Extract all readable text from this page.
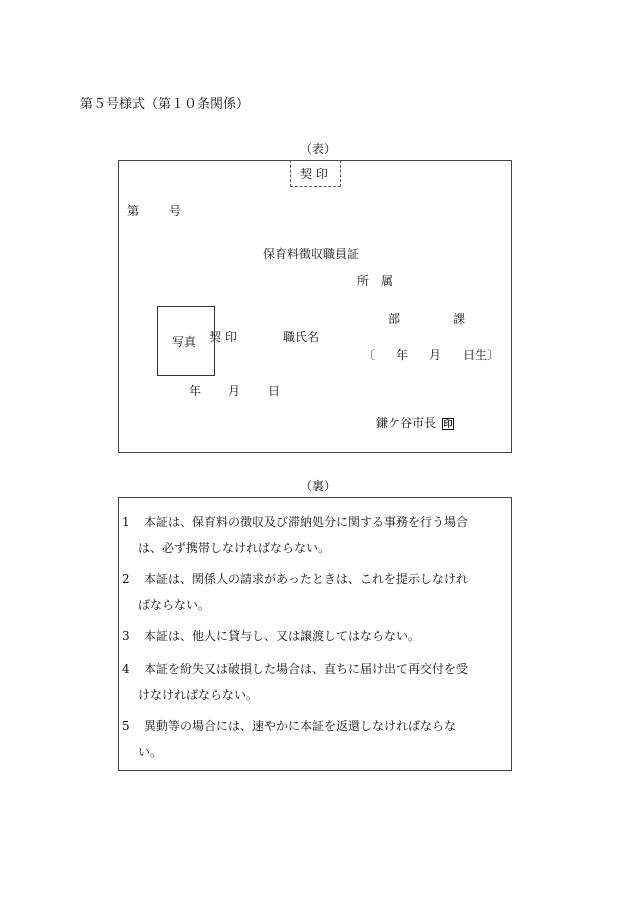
第５号様式（第１０条関係）
（表）
契 印
第 号
保育料徴収職員証
所　属
部	課
写真 契 印	職氏名
〔 年 月 日生〕
年 月 日
鎌ケ谷市長 印
（裏）
1 本証は、保育料の徴収及び滞納処分に関する事務を行う場合
は、必ず携帯しなければならない。
2 本証は、関係人の請求があったときは、これを提示しなけれ
ばならない。
3 本証は、他人に貸与し、又は譲渡してはならない。
4 本証を紛失又は破損した場合は、直ちに届け出て再交付を受
けなければならない。
5 異動等の場合には、速やかに本証を返還しなければならな
い。
